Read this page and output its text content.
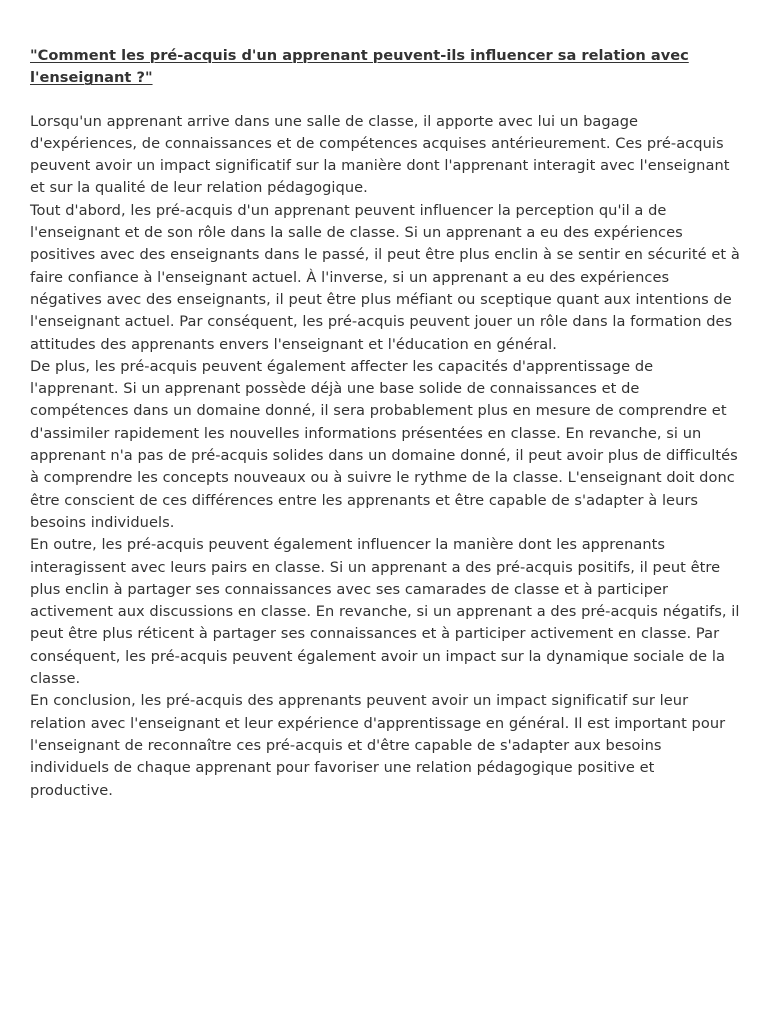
"Comment les pré-acquis d'un apprenant peuvent-ils influencer sa relation avec l'enseignant ?"

Lorsqu'un apprenant arrive dans une salle de classe, il apporte avec lui un bagage d'expériences, de connaissances et de compétences acquises antérieurement. Ces pré-acquis peuvent avoir un impact significatif sur la manière dont l'apprenant interagit avec l'enseignant et sur la qualité de leur relation pédagogique.

Tout d'abord, les pré-acquis d'un apprenant peuvent influencer la perception qu'il a de l'enseignant et de son rôle dans la salle de classe. Si un apprenant a eu des expériences positives avec des enseignants dans le passé, il peut être plus enclin à se sentir en sécurité et à faire confiance à l'enseignant actuel. À l'inverse, si un apprenant a eu des expériences négatives avec des enseignants, il peut être plus méfiant ou sceptique quant aux intentions de l'enseignant actuel. Par conséquent, les pré-acquis peuvent jouer un rôle dans la formation des attitudes des apprenants envers l'enseignant et l'éducation en général.

De plus, les pré-acquis peuvent également affecter les capacités d'apprentissage de l'apprenant. Si un apprenant possède déjà une base solide de connaissances et de compétences dans un domaine donné, il sera probablement plus en mesure de comprendre et d'assimiler rapidement les nouvelles informations présentées en classe. En revanche, si un apprenant n'a pas de pré-acquis solides dans un domaine donné, il peut avoir plus de difficultés à comprendre les concepts nouveaux ou à suivre le rythme de la classe. L'enseignant doit donc être conscient de ces différences entre les apprenants et être capable de s'adapter à leurs besoins individuels.

En outre, les pré-acquis peuvent également influencer la manière dont les apprenants interagissent avec leurs pairs en classe. Si un apprenant a des pré-acquis positifs, il peut être plus enclin à partager ses connaissances avec ses camarades de classe et à participer activement aux discussions en classe. En revanche, si un apprenant a des pré-acquis négatifs, il peut être plus réticent à partager ses connaissances et à participer activement en classe. Par conséquent, les pré-acquis peuvent également avoir un impact sur la dynamique sociale de la classe.

En conclusion, les pré-acquis des apprenants peuvent avoir un impact significatif sur leur relation avec l'enseignant et leur expérience d'apprentissage en général. Il est important pour l'enseignant de reconnaître ces pré-acquis et d'être capable de s'adapter aux besoins individuels de chaque apprenant pour favoriser une relation pédagogique positive et productive.
